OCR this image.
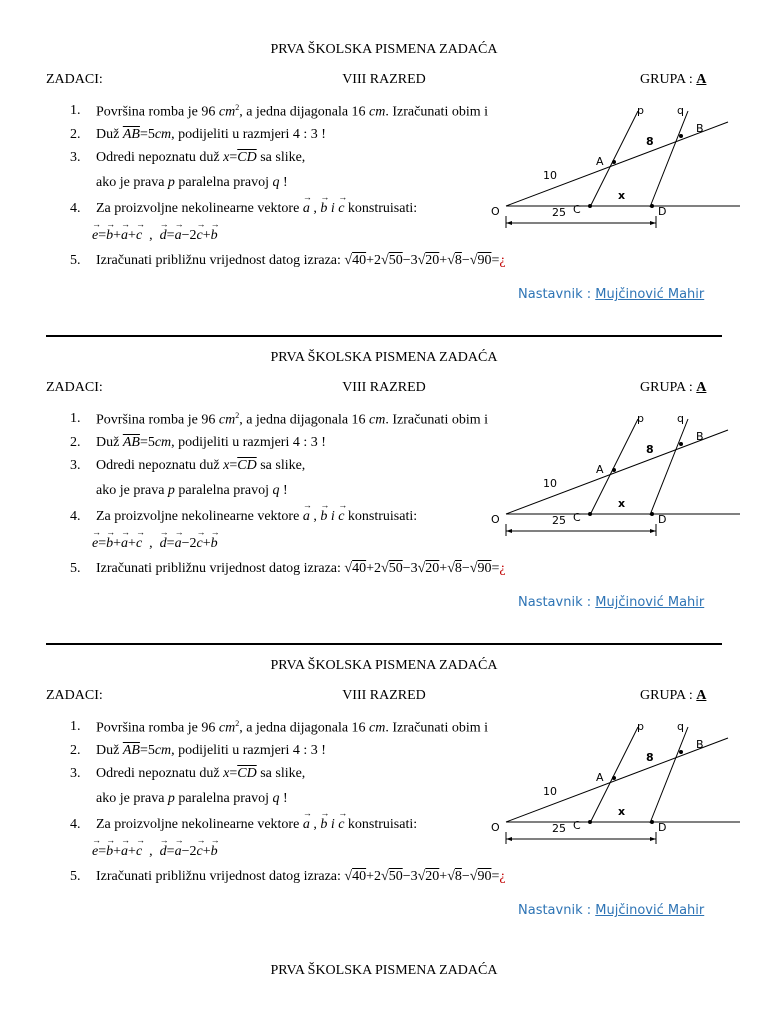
PRVA ŠKOLSKA PISMENA ZADAĆA
ZADACI:	VIII RAZRED	GRUPA : A
1. Površina romba je 96 $cm^2$, a jedna dijagonala 16 cm. Izračunati obim i
2. Duž $\overline{AB}=5cm$, podijeliti u razmjeri 4 : 3 !
3. Odredi nepoznatu duž $x=\overline{CD}$ sa slike,
ako je prava p paralelna pravoj q !
4. Za proizvoljne nekolinearne vektore → a , → b i → c konstruisati:
→ e=→ b+→ a+→ c  ,  → d=→ a−2→ c+→ b
5. Izračunati približnu vrijednost datog izraza: √40+2√50−3√20+√8−√90=¿
p	q
B
8
A
10
x
O	25 C	D
Nastavnik : Mujčinović Mahir
PRVA ŠKOLSKA PISMENA ZADAĆA
ZADACI:	VIII RAZRED	GRUPA : A
1. Površina romba je 96 $cm^2$, a jedna dijagonala 16 cm. Izračunati obim i
2. Duž $\overline{AB}=5cm$, podijeliti u razmjeri 4 : 3 !
3. Odredi nepoznatu duž $x=\overline{CD}$ sa slike,
ako je prava p paralelna pravoj q !
4. Za proizvoljne nekolinearne vektore → a , → b i → c konstruisati:
→ e=→ b+→ a+→ c  ,  → d=→ a−2→ c+→ b
5. Izračunati približnu vrijednost datog izraza: √40+2√50−3√20+√8−√90=¿
p	q
B
8
A
10
x
O	25 C	D
Nastavnik : Mujčinović Mahir
PRVA ŠKOLSKA PISMENA ZADAĆA
ZADACI:	VIII RAZRED	GRUPA : A
1. Površina romba je 96 $cm^2$, a jedna dijagonala 16 cm. Izračunati obim i
2. Duž $\overline{AB}=5cm$, podijeliti u razmjeri 4 : 3 !
3. Odredi nepoznatu duž $x=\overline{CD}$ sa slike,
ako je prava p paralelna pravoj q !
4. Za proizvoljne nekolinearne vektore → a , → b i → c konstruisati:
→ e=→ b+→ a+→ c  ,  → d=→ a−2→ c+→ b
5. Izračunati približnu vrijednost datog izraza: √40+2√50−3√20+√8−√90=¿
p	q
B
8
A
10
x
O	25 C	D
Nastavnik : Mujčinović Mahir
PRVA ŠKOLSKA PISMENA ZADAĆA
